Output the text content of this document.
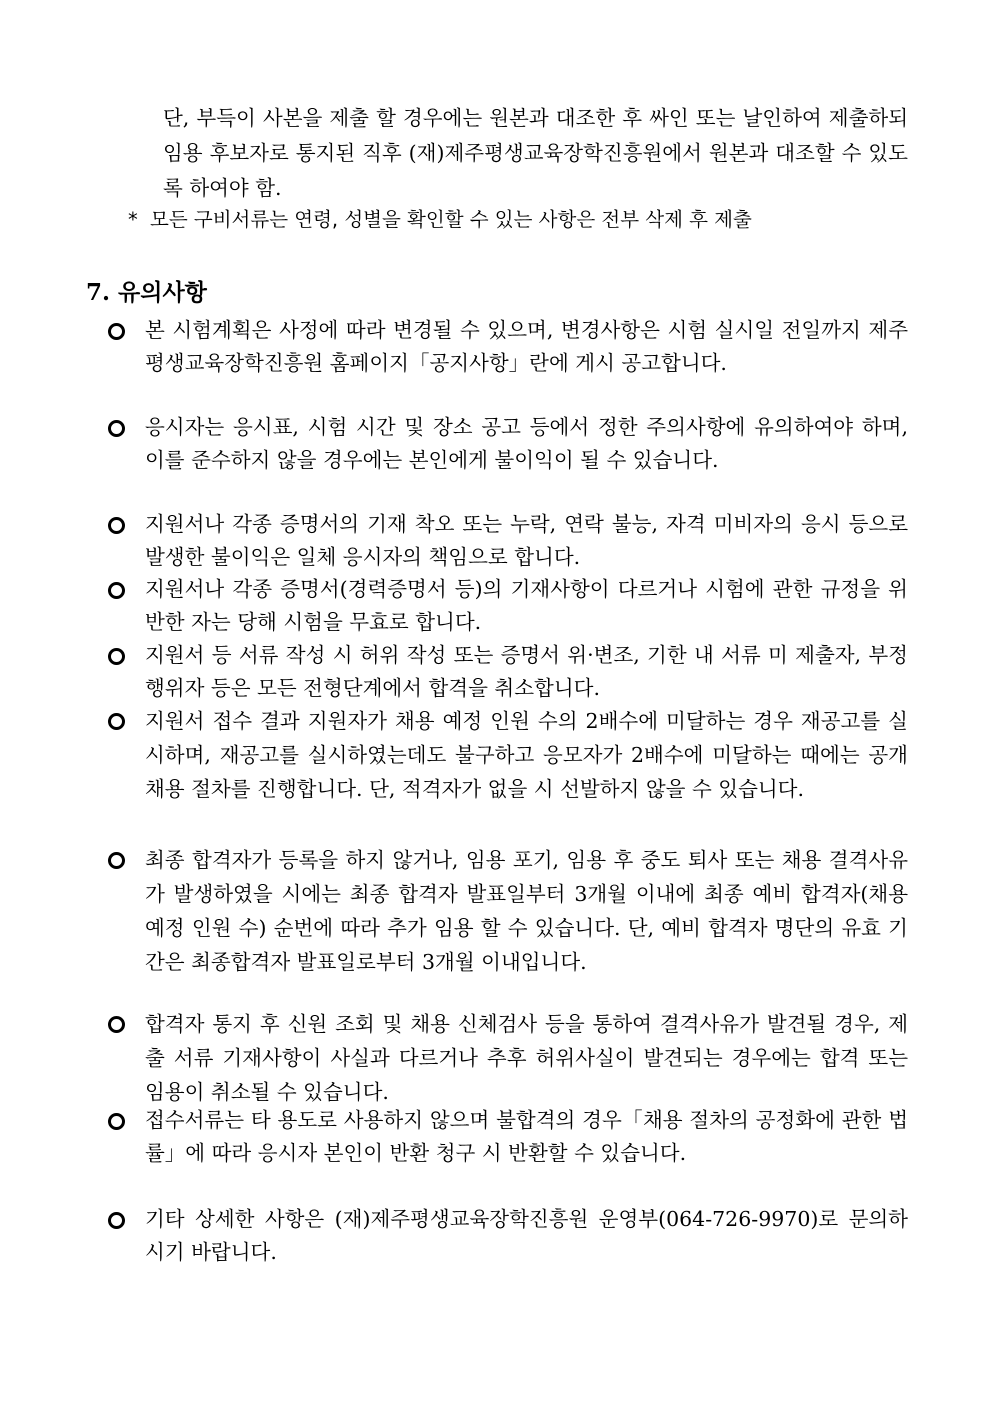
단, 부득이 사본을 제출 할 경우에는 원본과 대조한 후 싸인 또는 날인하여 제출하되 임용 후보자로 통지된 직후 (재)제주평생교육장학진흥원에서 원본과 대조할 수 있도록 하여야 함.
* 모든 구비서류는 연령, 성별을 확인할 수 있는 사항은 전부 삭제 후 제출
7. 유의사항
본 시험계획은 사정에 따라 변경될 수 있으며, 변경사항은 시험 실시일 전일까지 제주평생교육장학진흥원 홈페이지「공지사항」란에 게시 공고합니다.
응시자는 응시표, 시험 시간 및 장소 공고 등에서 정한 주의사항에 유의하여야 하며, 이를 준수하지 않을 경우에는 본인에게 불이익이 될 수 있습니다.
지원서나 각종 증명서의 기재 착오 또는 누락, 연락 불능, 자격 미비자의 응시 등으로 발생한 불이익은 일체 응시자의 책임으로 합니다.
지원서나 각종 증명서(경력증명서 등)의 기재사항이 다르거나 시험에 관한 규정을 위반한 자는 당해 시험을 무효로 합니다.
지원서 등 서류 작성 시 허위 작성 또는 증명서 위·변조, 기한 내 서류 미 제출자, 부정행위자 등은 모든 전형단계에서 합격을 취소합니다.
지원서 접수 결과 지원자가 채용 예정 인원 수의 2배수에 미달하는 경우 재공고를 실시하며, 재공고를 실시하였는데도 불구하고 응모자가 2배수에 미달하는 때에는 공개 채용 절차를 진행합니다. 단, 적격자가 없을 시 선발하지 않을 수 있습니다.
최종 합격자가 등록을 하지 않거나, 임용 포기, 임용 후 중도 퇴사 또는 채용 결격사유가 발생하였을 시에는 최종 합격자 발표일부터 3개월 이내에 최종 예비 합격자(채용 예정 인원 수) 순번에 따라 추가 임용 할 수 있습니다. 단, 예비 합격자 명단의 유효 기간은 최종합격자 발표일로부터 3개월 이내입니다.
합격자 통지 후 신원 조회 및 채용 신체검사 등을 통하여 결격사유가 발견될 경우, 제출 서류 기재사항이 사실과 다르거나 추후 허위사실이 발견되는 경우에는 합격 또는 임용이 취소될 수 있습니다.
접수서류는 타 용도로 사용하지 않으며 불합격의 경우「채용 절차의 공정화에 관한 법률」에 따라 응시자 본인이 반환 청구 시 반환할 수 있습니다.
기타 상세한 사항은 (재)제주평생교육장학진흥원 운영부(064-726-9970)로 문의하시기 바랍니다.
